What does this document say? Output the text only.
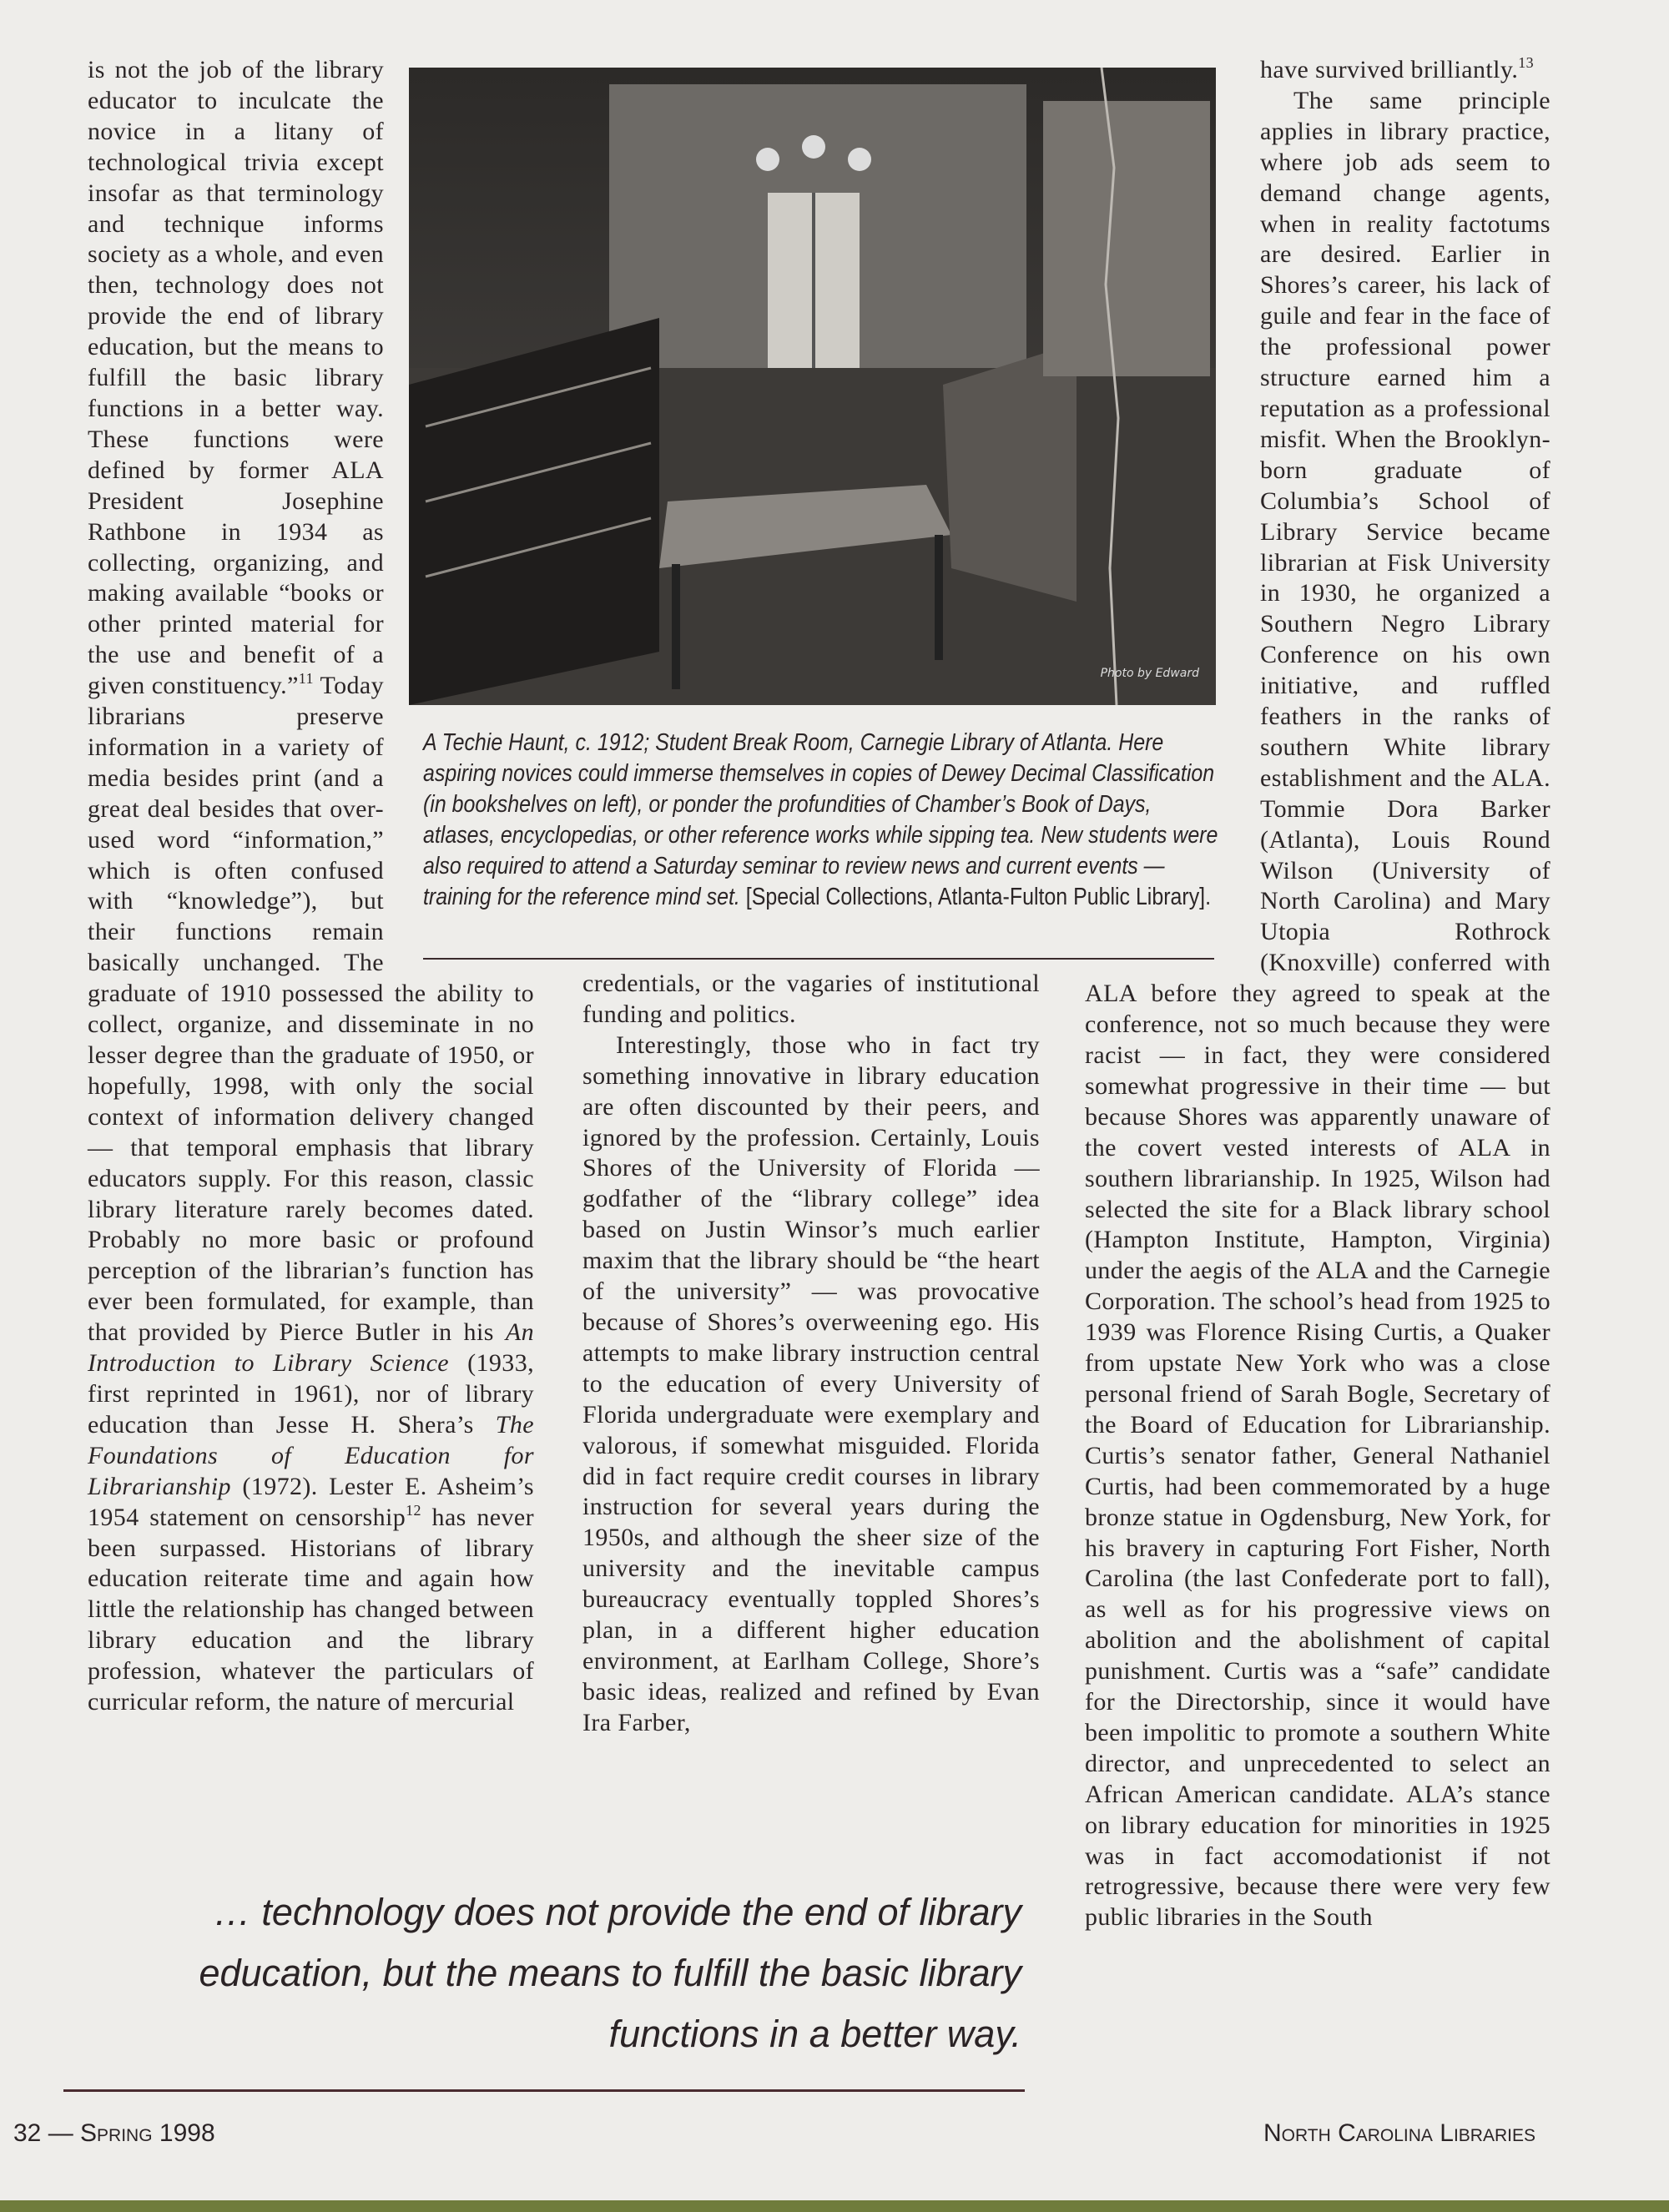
is not the job of the library educator to inculcate the novice in a litany of technological trivia except insofar as that terminology and technique informs society as a whole, and even then, technology does not provide the end of library education, but the means to fulfill the basic library functions in a better way. These functions were defined by former ALA President Josephine Rathbone in 1934 as collecting, organizing, and making available “books or other printed material for the use and benefit of a given constituency.”$^{11}$ Today librarians preserve information in a variety of media besides print (and a great deal besides that over-used word “information,” which is often confused with “knowledge”), but their functions remain basically unchanged. The graduate of 1910 possessed the ability to collect, organize, and disseminate in no lesser degree than the graduate of 1950, or hopefully, 1998, with only the social context of information delivery changed — that temporal emphasis that library educators supply. For this reason, classic library literature rarely becomes dated. Probably no more basic or profound perception of the librarian’s function has ever been formulated, for example, than that provided by Pierce Butler in his An Introduction to Library Science (1933, first reprinted in 1961), nor of library education than Jesse H. Shera’s The Foundations of Education for Librarianship (1972). Lester E. Asheim’s 1954 statement on censorship$^{12}$ has never been surpassed. Historians of library education reiterate time and again how little the relationship has changed between library education and the library profession, whatever the particulars of curricular reform, the nature of mercurial

Photo by Edward
A Techie Haunt, c. 1912; Student Break Room, Carnegie Library of Atlanta. Here aspiring novices could immerse themselves in copies of Dewey Decimal Classification (in bookshelves on left), or ponder the profundities of Chamber’s Book of Days, atlases, encyclopedias, or other reference works while sipping tea. New students were also required to attend a Saturday seminar to review news and current events — training for the reference mind set. [Special Collections, Atlanta-Fulton Public Library].

credentials, or the vagaries of institutional funding and politics.

Interestingly, those who in fact try something innovative in library education are often discounted by their peers, and ignored by the profession. Certainly, Louis Shores of the University of Florida — godfather of the “library college” idea based on Justin Winsor’s much earlier maxim that the library should be “the heart of the university” — was provocative because of Shores’s overweening ego. His attempts to make library instruction central to the education of every University of Florida undergraduate were exemplary and valorous, if somewhat misguided. Florida did in fact require credit courses in library instruction for several years during the 1950s, and although the sheer size of the university and the inevitable campus bureaucracy eventually toppled Shores’s plan, in a different higher education environment, at Earlham College, Shore’s basic ideas, realized and refined by Evan Ira Farber,

have survived brilliantly.$^{13}$

The same principle applies in library practice, where job ads seem to demand change agents, when in reality factotums are desired. Earlier in Shores’s career, his lack of guile and fear in the face of the professional power structure earned him a reputation as a professional misfit. When the Brooklyn-born graduate of Columbia’s School of Library Service became librarian at Fisk University in 1930, he organized a Southern Negro Library Conference on his own initiative, and ruffled feathers in the ranks of southern White library establishment and the ALA. Tommie Dora Barker (Atlanta), Louis Round Wilson (University of North Carolina) and Mary Utopia Rothrock (Knoxville) conferred with ALA before they agreed to speak at the conference, not so much because they were racist — in fact, they were considered somewhat progressive in their time — but because Shores was apparently unaware of the covert vested interests of ALA in southern librarianship. In 1925, Wilson had selected the site for a Black library school (Hampton Institute, Hampton, Virginia) under the aegis of the ALA and the Carnegie Corporation. The school’s head from 1925 to 1939 was Florence Rising Curtis, a Quaker from upstate New York who was a close personal friend of Sarah Bogle, Secretary of the Board of Education for Librarianship. Curtis’s senator father, General Nathaniel Curtis, had been commemorated by a huge bronze statue in Ogdensburg, New York, for his bravery in capturing Fort Fisher, North Carolina (the last Confederate port to fall), as well as for his progressive views on abolition and the abolishment of capital punishment. Curtis was a “safe” candidate for the Directorship, since it would have been impolitic to promote a southern White director, and unprecedented to select an African American candidate. ALA’s stance on library education for minorities in 1925 was in fact accomodationist if not retrogressive, because there were very few public libraries in the South

… technology does not provide the end of library
education, but the means to fulfill the basic library
functions in a better way.
32 — Spring 1998	North Carolina Libraries
